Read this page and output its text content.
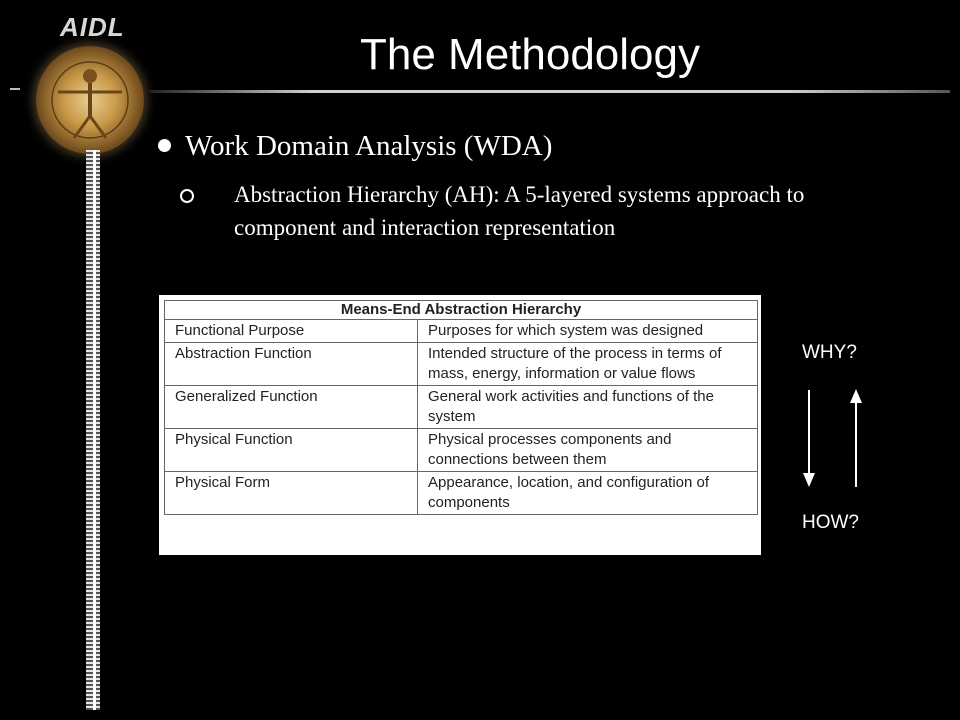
AIDL
The Methodology
Work Domain Analysis (WDA)
Abstraction Hierarchy (AH): A 5-layered systems approach to component and interaction representation
Means-End Abstraction Hierarchy	
Functional Purpose	Purposes for which system was designed
Abstraction Function	Intended structure of the process in terms of mass, energy, information or value flows
Generalized Function	General work activities and functions of the system
Physical Function	Physical processes components and connections between them
Physical Form	Appearance, location, and configuration of components
WHY?
HOW?
